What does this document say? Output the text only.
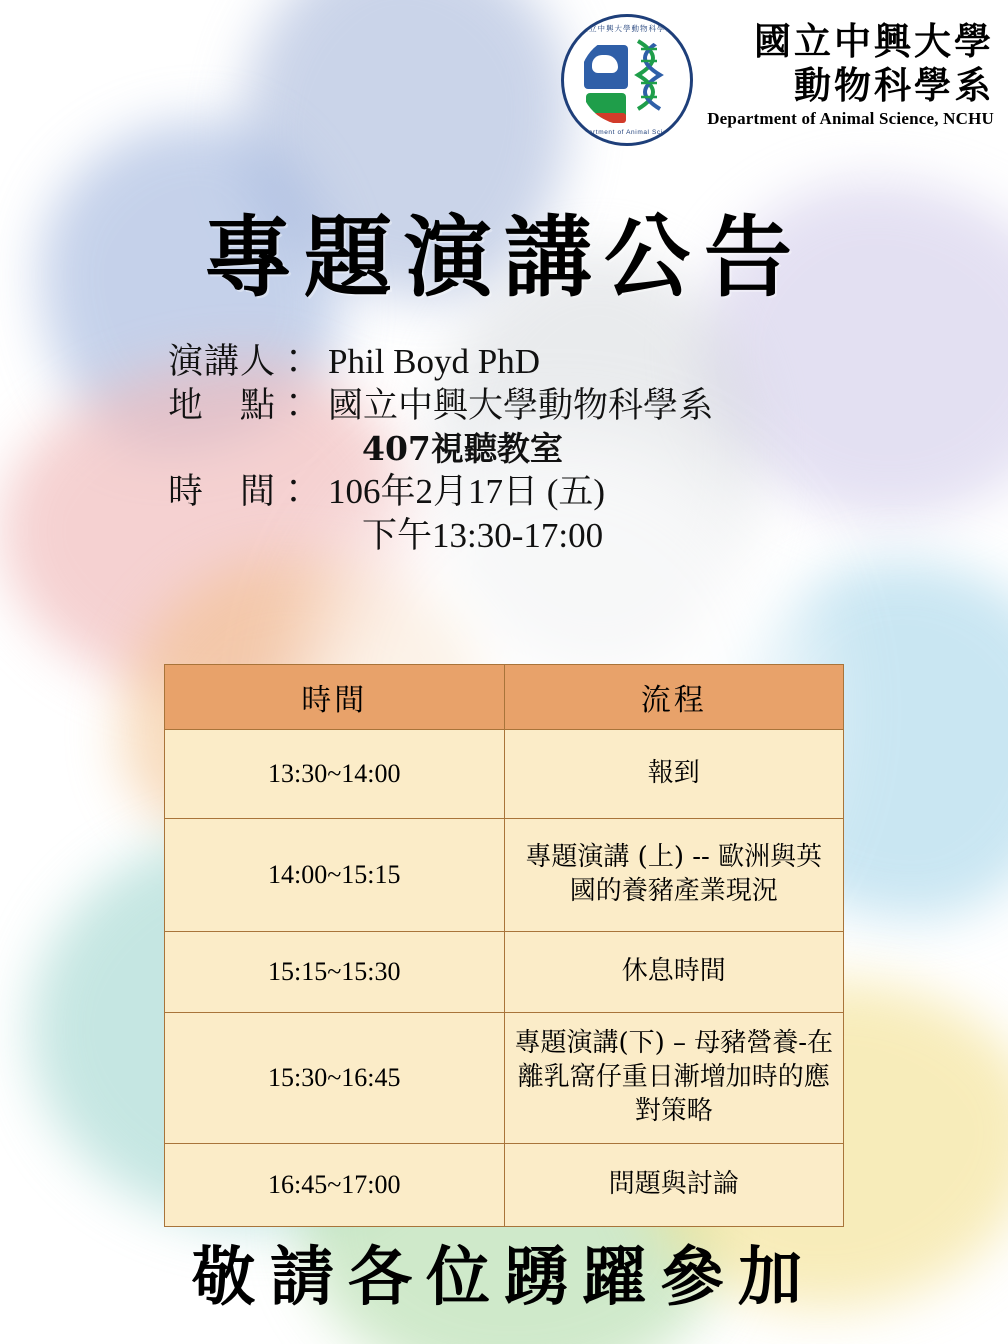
國立中興大學動物科學系
Department of Animal Science
國立中興大學
動物科學系
Department of Animal Science, NCHU
專題演講公告
演講人： Phil Boyd PhD
地　點： 國立中興大學動物科學系
407視聽教室
時　間： 106年2月17日 (五)
下午13:30-17:00
時間	流程
13:30~14:00	報到
14:00~15:15	專題演講 (上) -- 歐洲與英國的養豬產業現況
15:15~15:30	休息時間
15:30~16:45	專題演講(下) – 母豬營養-在離乳窩仔重日漸增加時的應對策略
16:45~17:00	問題與討論
敬請各位踴躍參加
